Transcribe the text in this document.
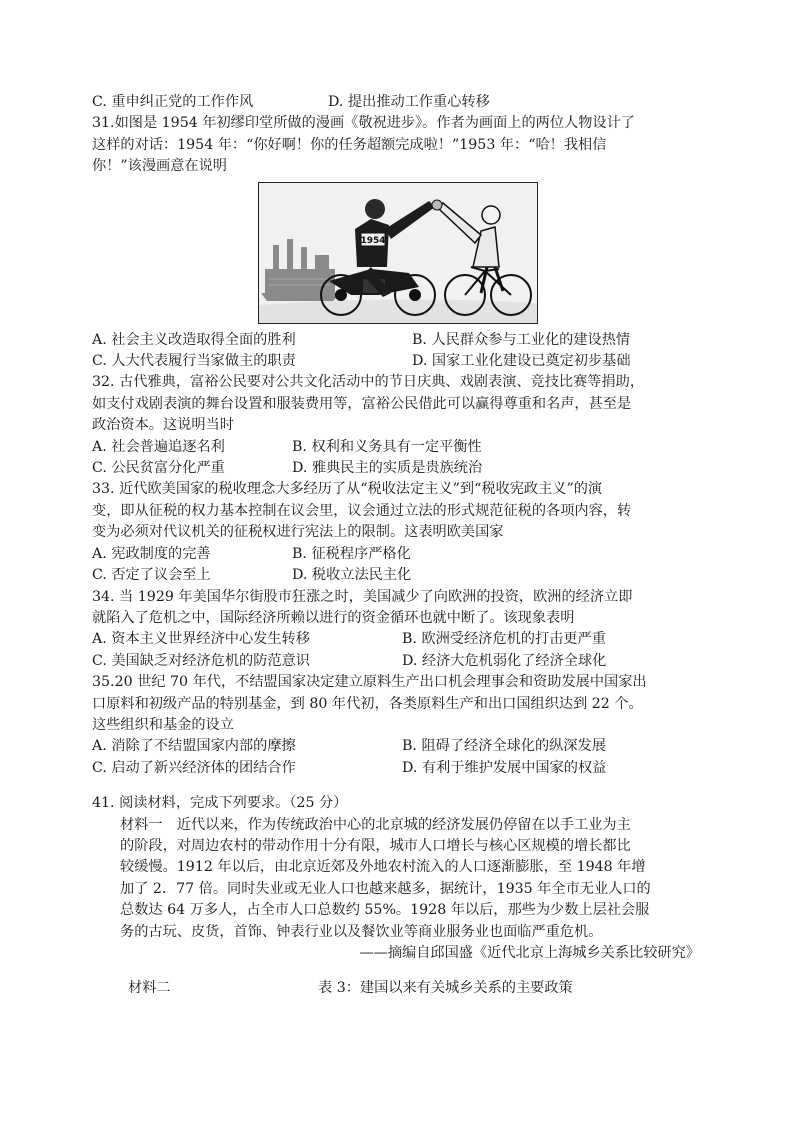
C. 重申纠正党的工作作风	D. 提出推动工作重心转移
31.如图是 1954 年初缪印堂所做的漫画《敬祝进步》。作者为画面上的两位人物设计了
这样的对话：1954 年：“你好啊！你的任务超额完成啦！”1953 年：“哈！我相信
你！”该漫画意在说明
1954
A. 社会主义改造取得全面的胜利	B. 人民群众参与工业化的建设热情
C. 人大代表履行当家做主的职责	D. 国家工业化建设已奠定初步基础
32. 古代雅典，富裕公民要对公共文化活动中的节日庆典、戏剧表演、竞技比赛等捐助，
如支付戏剧表演的舞台设置和服装费用等，富裕公民借此可以赢得尊重和名声，甚至是
政治资本。这说明当时
A. 社会普遍追逐名利	B. 权利和义务具有一定平衡性
C. 公民贫富分化严重	D. 雅典民主的实质是贵族统治
33. 近代欧美国家的税收理念大多经历了从“税收法定主义”到“税收宪政主义”的演
变，即从征税的权力基本控制在议会里，议会通过立法的形式规范征税的各项内容，转
变为必须对代议机关的征税权进行宪法上的限制。这表明欧美国家
A. 宪政制度的完善	B. 征税程序严格化
C. 否定了议会至上	D. 税收立法民主化
34. 当 1929 年美国华尔街股市狂涨之时，美国减少了向欧洲的投资，欧洲的经济立即
就陷入了危机之中，国际经济所赖以进行的资金循环也就中断了。该现象表明
A. 资本主义世界经济中心发生转移	B. 欧洲受经济危机的打击更严重
C. 美国缺乏对经济危机的防范意识	D. 经济大危机弱化了经济全球化
35.20 世纪 70 年代，不结盟国家决定建立原料生产出口机会理事会和资助发展中国家出
口原料和初级产品的特别基金，到 80 年代初，各类原料生产和出口国组织达到 22 个。
这些组织和基金的设立
A. 消除了不结盟国家内部的摩擦	B. 阻碍了经济全球化的纵深发展
C. 启动了新兴经济体的团结合作	D. 有利于维护发展中国家的权益
41. 阅读材料，完成下列要求。（25 分）
材料一　近代以来，作为传统政治中心的北京城的经济发展仍停留在以手工业为主
的阶段，对周边农村的带动作用十分有限，城市人口增长与核心区规模的增长都比
较缓慢。1912 年以后，由北京近郊及外地农村流入的人口逐渐膨胀，至 1948 年增
加了 2．77 倍。同时失业或无业人口也越来越多，据统计，1935 年全市无业人口的
总数达 64 万多人，占全市人口总数约 55%。1928 年以后，那些为少数上层社会服
务的古玩、皮货，首饰、钟表行业以及餐饮业等商业服务业也面临严重危机。
——摘编自邱国盛《近代北京上海城乡关系比较研究》
材料二	表 3：建国以来有关城乡关系的主要政策
